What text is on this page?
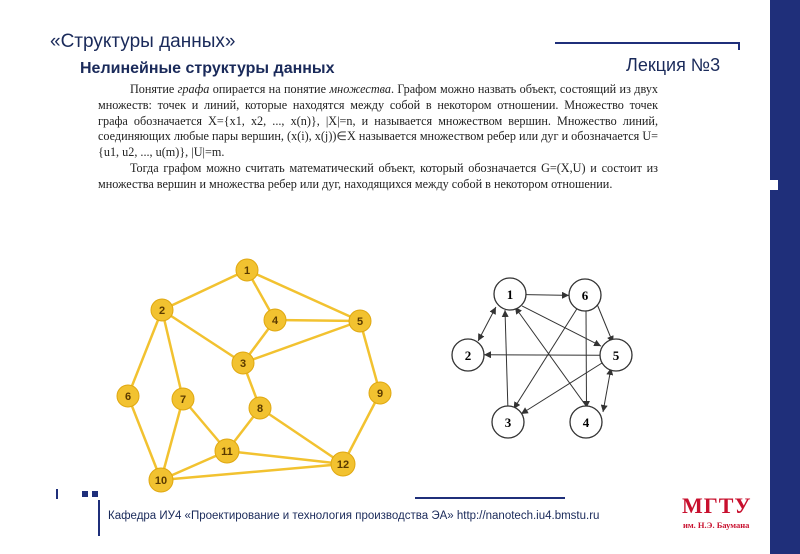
«Структуры данных»
Лекция №3
Нелинейные структуры данных

Понятие графа опирается на понятие множества. Графом можно назвать объект, состоящий из двух множеств: точек и линий, которые находятся между собой в некотором отношении. Множество точек графа обозначается X={x1, x2, ..., x(n)}, |X|=n, и называется множеством вершин. Множество линий, соединяющих любые пары вершин, (x(i), x(j))∈X называется множеством ребер или дуг и обозначается U={u1, u2, ..., u(m)}, |U|=m.

Тогда графом можно считать математический объект, который обозначается G=(X,U) и состоит из множества вершин и множества ребер или дуг, находящихся между собой в некотором отношении.

1
2
3
4	5
6	7
8
9
10
11
12
1
2
3	4
5
6
Кафедра ИУ4 «Проектирование и технология производства ЭА» http://nanotech.iu4.bmstu.ru	МГТУ
им. Н.Э. Баумана
